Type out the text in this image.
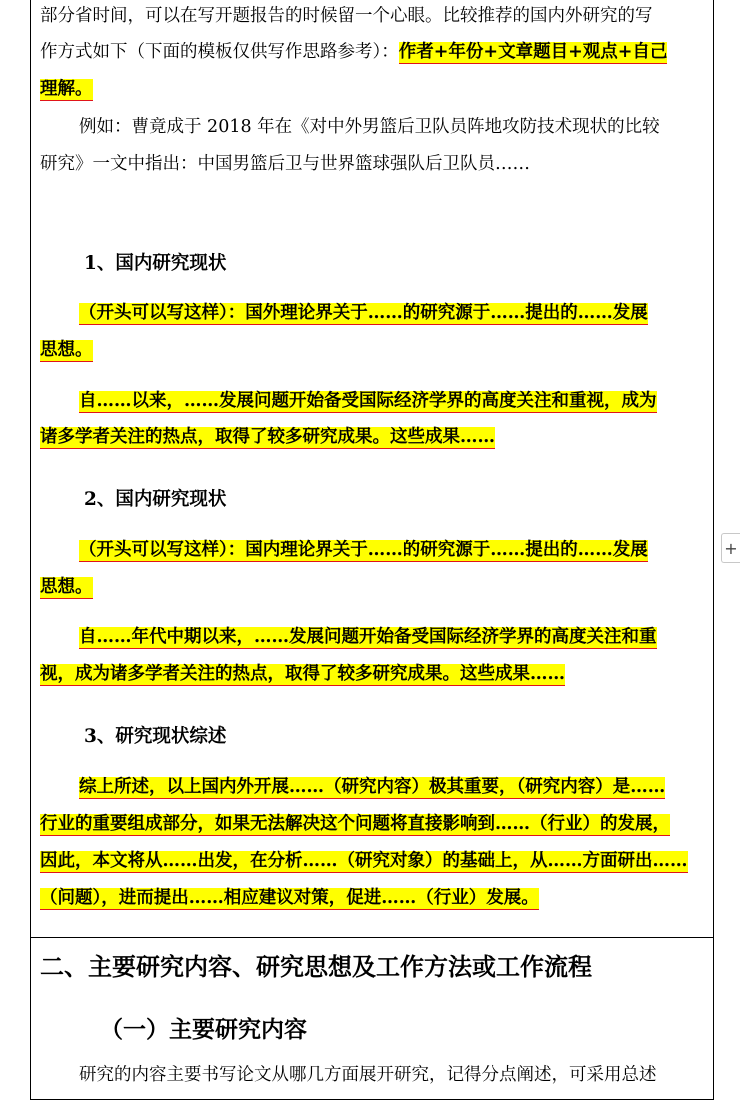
部分省时间，可以在写开题报告的时候留一个心眼。比较推荐的国内外研究的写
作方式如下（下面的模板仅供写作思路参考）：作者+年份+文章题目+观点+自己
理解。
例如：曹竟成于 2018 年在《对中外男篮后卫队员阵地攻防技术现状的比较
研究》一文中指出：中国男篮后卫与世界篮球强队后卫队员……
1、国内研究现状
（开头可以写这样）：国外理论界关于……的研究源于……提出的……发展
思想。
自……以来，……发展问题开始备受国际经济学界的高度关注和重视，成为
诸多学者关注的热点，取得了较多研究成果。这些成果……
2、国内研究现状
（开头可以写这样）：国内理论界关于……的研究源于……提出的……发展
思想。
自……年代中期以来，……发展问题开始备受国际经济学界的高度关注和重
视，成为诸多学者关注的热点，取得了较多研究成果。这些成果……
3、研究现状综述
综上所述，以上国内外开展……（研究内容）极其重要，（研究内容）是……
行业的重要组成部分，如果无法解决这个问题将直接影响到……（行业）的发展，
因此，本文将从……出发，在分析……（研究对象）的基础上，从……方面研出……
（问题），进而提出……相应建议对策，促进……（行业）发展。
二、主要研究内容、研究思想及工作方法或工作流程
（一）主要研究内容
研究的内容主要书写论文从哪几方面展开研究，记得分点阐述，可采用总述
+
